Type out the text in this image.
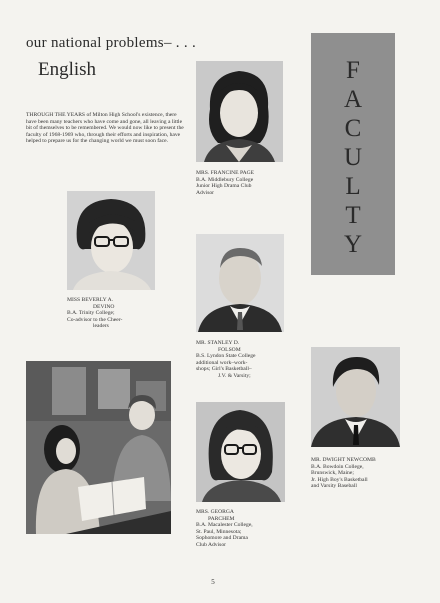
our national problems– . . .
English
THROUGH THE YEARS of Milton High School's existence, there have been many teachers who have come and gone, all leaving a little bit of themselves to be remembered. We would now like to present the faculty of 1968-1969 who, through their efforts and inspiration, have helped to prepare us for the changing world we must soon face.
F
A
C
U
L
T
Y
MRS. FRANCINE PAGE
B.A. Middlebury College
Junior High Drama Club
Advisor
MISS BEVERLY A.
DEVINO
B.A. Trinity College;
Co-advisor to the Cheer-
leaders
MR. STANLEY D.
FOLSOM
B.S. Lyndon State College
additional work–work-
shops; Girl's Basketball–
J.V. & Varsity;
MRS. GEORGA
PARCHEM
B.A. Macalester College,
St. Paul, Minnesota;
Sophomore and Drama
Club Advisor
MR. DWIGHT NEWCOMB
B.A. Bowdoin College,
Brunswick, Maine;
Jr. High Boy's Basketball
and Varsity Baseball
5
